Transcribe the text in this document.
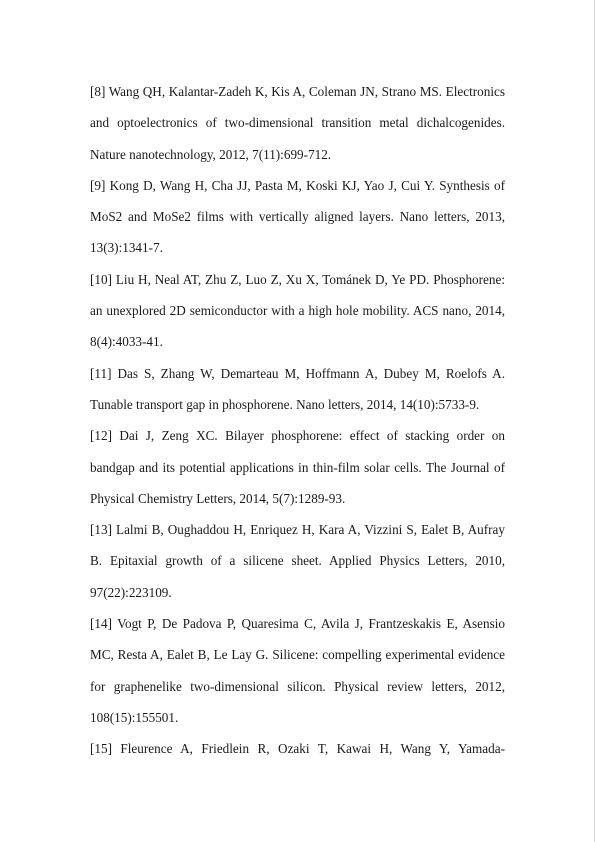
[8] Wang QH, Kalantar-Zadeh K, Kis A, Coleman JN, Strano MS. Electronics and optoelectronics of two-dimensional transition metal dichalcogenides. Nature nanotechnology, 2012, 7(11):699-712.

[9] Kong D, Wang H, Cha JJ, Pasta M, Koski KJ, Yao J, Cui Y. Synthesis of MoS2 and MoSe2 films with vertically aligned layers. Nano letters, 2013, 13(3):1341-7.

[10] Liu H, Neal AT, Zhu Z, Luo Z, Xu X, Tománek D, Ye PD. Phosphorene: an unexplored 2D semiconductor with a high hole mobility. ACS nano, 2014, 8(4):4033-41.

[11] Das S, Zhang W, Demarteau M, Hoffmann A, Dubey M, Roelofs A. Tunable transport gap in phosphorene. Nano letters, 2014, 14(10):5733-9.

[12] Dai J, Zeng XC. Bilayer phosphorene: effect of stacking order on bandgap and its potential applications in thin-film solar cells. The Journal of Physical Chemistry Letters, 2014, 5(7):1289-93.

[13] Lalmi B, Oughaddou H, Enriquez H, Kara A, Vizzini S, Ealet B, Aufray B. Epitaxial growth of a silicene sheet. Applied Physics Letters, 2010, 97(22):223109.

[14] Vogt P, De Padova P, Quaresima C, Avila J, Frantzeskakis E, Asensio MC, Resta A, Ealet B, Le Lay G. Silicene: compelling experimental evidence for graphenelike two-dimensional silicon. Physical review letters, 2012, 108(15):155501.

[15] Fleurence A, Friedlein R, Ozaki T, Kawai H, Wang Y, Yamada-
